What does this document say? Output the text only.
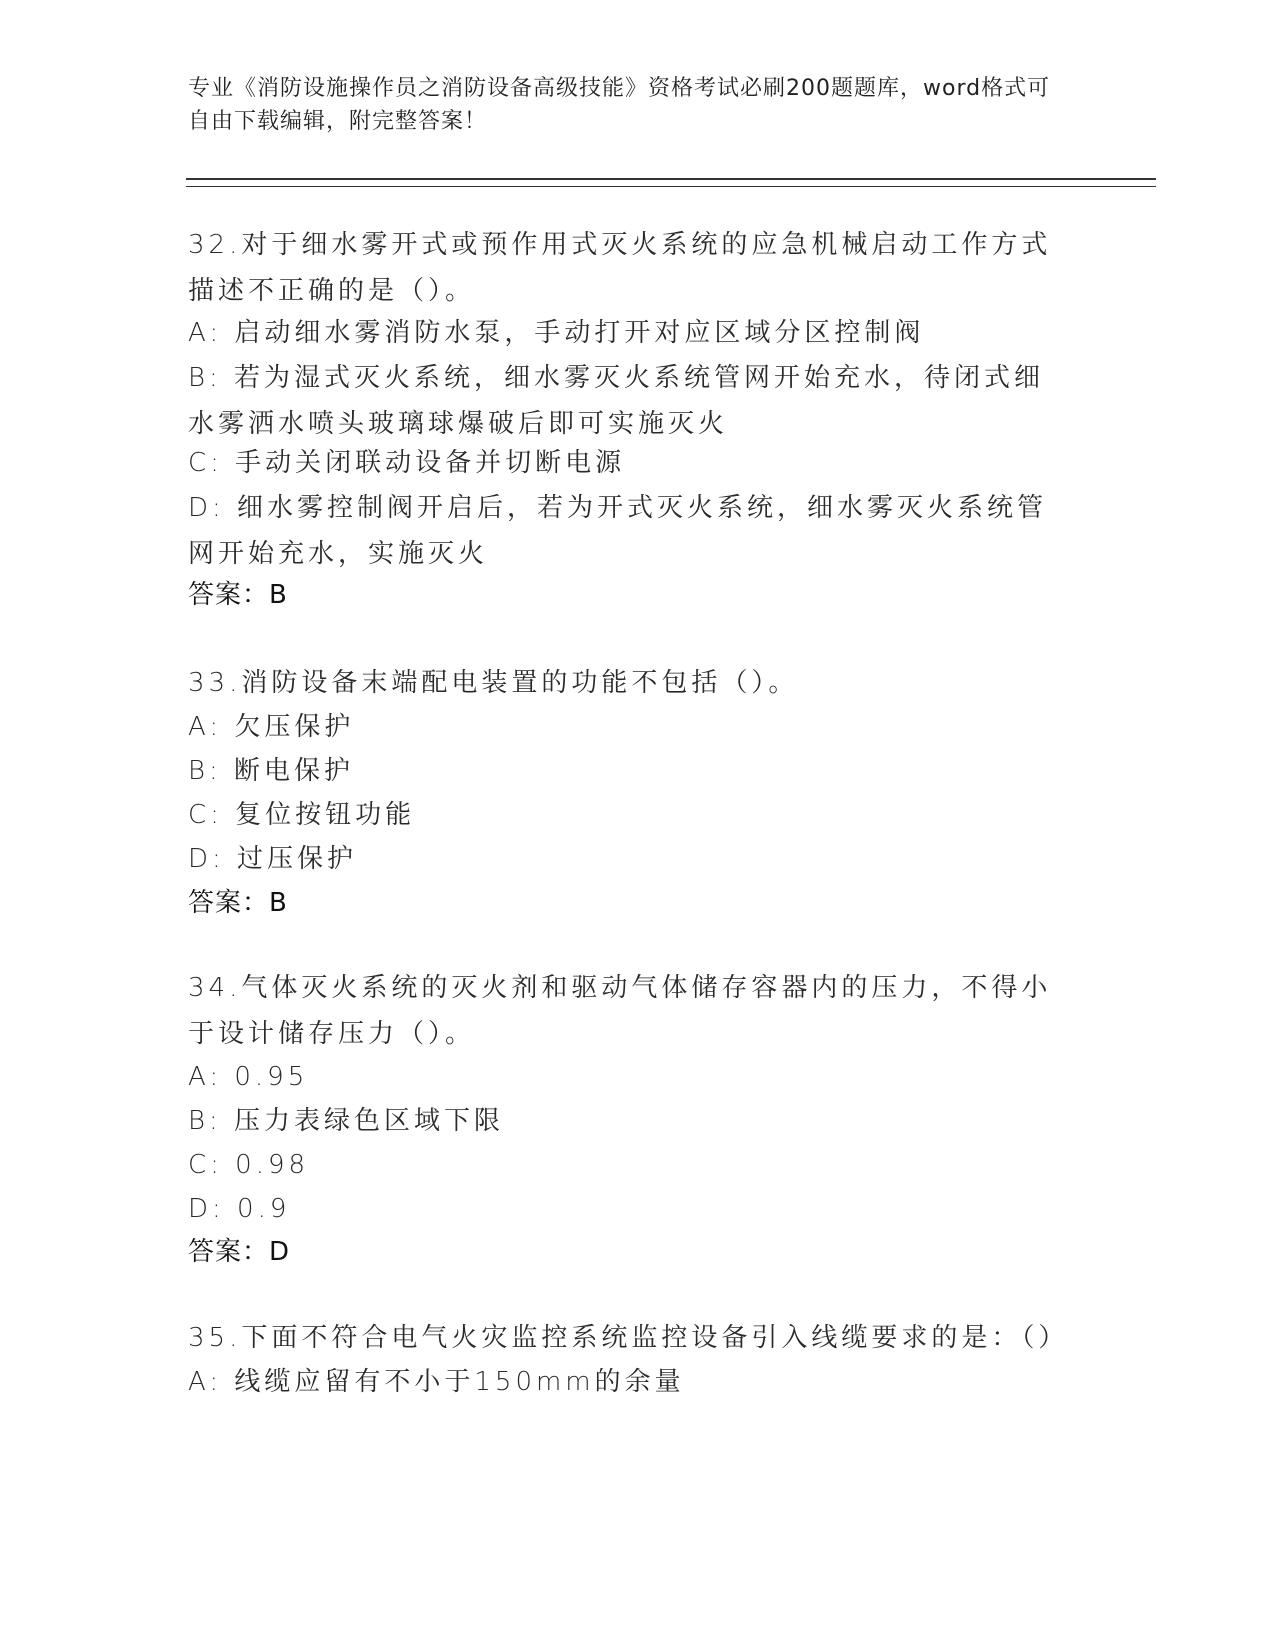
专业《消防设施操作员之消防设备高级技能》资格考试必刷200题题库，word格式可自由下载编辑，附完整答案！
32.对于细水雾开式或预作用式灭火系统的应急机械启动工作方式描述不正确的是（）。
A: 启动细水雾消防水泵，手动打开对应区域分区控制阀
B: 若为湿式灭火系统，细水雾灭火系统管网开始充水，待闭式细水雾洒水喷头玻璃球爆破后即可实施灭火
C: 手动关闭联动设备并切断电源
D: 细水雾控制阀开启后，若为开式灭火系统，细水雾灭火系统管网开始充水，实施灭火
答案：B
33.消防设备末端配电装置的功能不包括（）。
A: 欠压保护
B: 断电保护
C: 复位按钮功能
D: 过压保护
答案：B
34.气体灭火系统的灭火剂和驱动气体储存容器内的压力，不得小于设计储存压力（）。
A: 0.95
B: 压力表绿色区域下限
C: 0.98
D: 0.9
答案：D
35.下面不符合电气火灾监控系统监控设备引入线缆要求的是：（）
A: 线缆应留有不小于150mm的余量
